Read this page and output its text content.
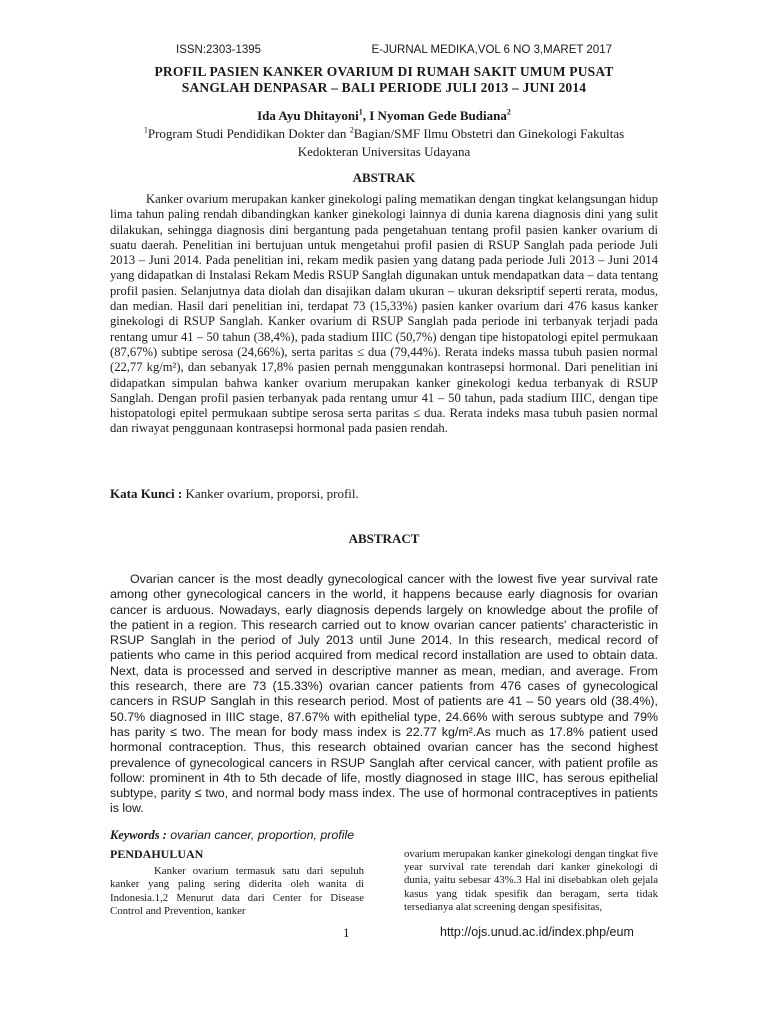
ISSN:2303-1395	E-JURNAL MEDIKA,VOL 6 NO 3,MARET 2017
PROFIL PASIEN KANKER OVARIUM DI RUMAH SAKIT UMUM PUSAT
SANGLAH DENPASAR – BALI PERIODE JULI 2013 – JUNI 2014
Ida Ayu Dhitayoni$^1$, I Nyoman Gede Budiana$^2$
$^1$Program Studi Pendidikan Dokter dan $^2$Bagian/SMF Ilmu Obstetri dan Ginekologi Fakultas
Kedokteran Universitas Udayana
ABSTRAK

Kanker ovarium merupakan kanker ginekologi paling mematikan dengan tingkat kelangsungan hidup lima tahun paling rendah dibandingkan kanker ginekologi lainnya di dunia karena diagnosis dini yang sulit dilakukan, sehingga diagnosis dini bergantung pada pengetahuan tentang profil pasien kanker ovarium di suatu daerah. Penelitian ini bertujuan untuk mengetahui profil pasien di RSUP Sanglah pada periode Juli 2013 – Juni 2014. Pada penelitian ini, rekam medik pasien yang datang pada periode Juli 2013 – Juni 2014 yang didapatkan di Instalasi Rekam Medis RSUP Sanglah digunakan untuk mendapatkan data – data tentang profil pasien. Selanjutnya data diolah dan disajikan dalam ukuran – ukuran deksriptif seperti rerata, modus, dan median. Hasil dari penelitian ini, terdapat 73 (15,33%) pasien kanker ovarium dari 476 kasus kanker ginekologi di RSUP Sanglah. Kanker ovarium di RSUP Sanglah pada periode ini terbanyak terjadi pada rentang umur 41 – 50 tahun (38,4%), pada stadium IIIC (50,7%) dengan tipe histopatologi epitel permukaan (87,67%) subtipe serosa (24,66%), serta paritas ≤ dua (79,44%). Rerata indeks massa tubuh pasien normal (22,77 kg/m²), dan sebanyak 17,8% pasien pernah menggunakan kontrasepsi hormonal. Dari penelitian ini didapatkan simpulan bahwa kanker ovarium merupakan kanker ginekologi kedua terbanyak di RSUP Sanglah. Dengan profil pasien terbanyak pada rentang umur 41 – 50 tahun, pada stadium IIIC, dengan tipe histopatologi epitel permukaan subtipe serosa serta paritas ≤ dua. Rerata indeks masa tubuh pasien normal dan riwayat penggunaan kontrasepsi hormonal pada pasien rendah.

Kata Kunci : Kanker ovarium, proporsi, profil.

ABSTRACT

Ovarian cancer is the most deadly gynecological cancer with the lowest five year survival rate among other gynecological cancers in the world, it happens because early diagnosis for ovarian cancer is arduous. Nowadays, early diagnosis depends largely on knowledge about the profile of the patient in a region. This research carried out to know ovarian cancer patients' characteristic in RSUP Sanglah in the period of July 2013 until June 2014. In this research, medical record of patients who came in this period acquired from medical record installation are used to obtain data. Next, data is processed and served in descriptive manner as mean, median, and average. From this research, there are 73 (15.33%) ovarian cancer patients from 476 cases of gynecological cancers in RSUP Sanglah in this research period. Most of patients are 41 – 50 years old (38.4%), 50.7% diagnosed in IIIC stage, 87.67% with epithelial type, 24.66% with serous subtype and 79% has parity ≤ two. The mean for body mass index is 22.77 kg/m².As much as 17.8% patient used hormonal contraception. Thus, this research obtained ovarian cancer has the second highest prevalence of gynecological cancers in RSUP Sanglah after cervical cancer, with patient profile as follow: prominent in 4th to 5th decade of life, mostly diagnosed in stage IIIC, has serous epithelial subtype, parity ≤ two, and normal body mass index. The use of hormonal contraceptives in patients is low.

Keywords : ovarian cancer, proportion, profile

PENDAHULUAN

Kanker ovarium termasuk satu dari sepuluh kanker yang paling sering diderita oleh wanita di Indonesia.1,2 Menurut data dari Center for Disease Control and Prevention, kanker

ovarium merupakan kanker ginekologi dengan tingkat five year survival rate terendah dari kanker ginekologi di dunia, yaitu sebesar 43%.3 Hal ini disebabkan oleh gejala kasus yang tidak spesifik dan beragam, serta tidak tersedianya alat screening dengan spesifisitas,

1	http://ojs.unud.ac.id/index.php/eum
